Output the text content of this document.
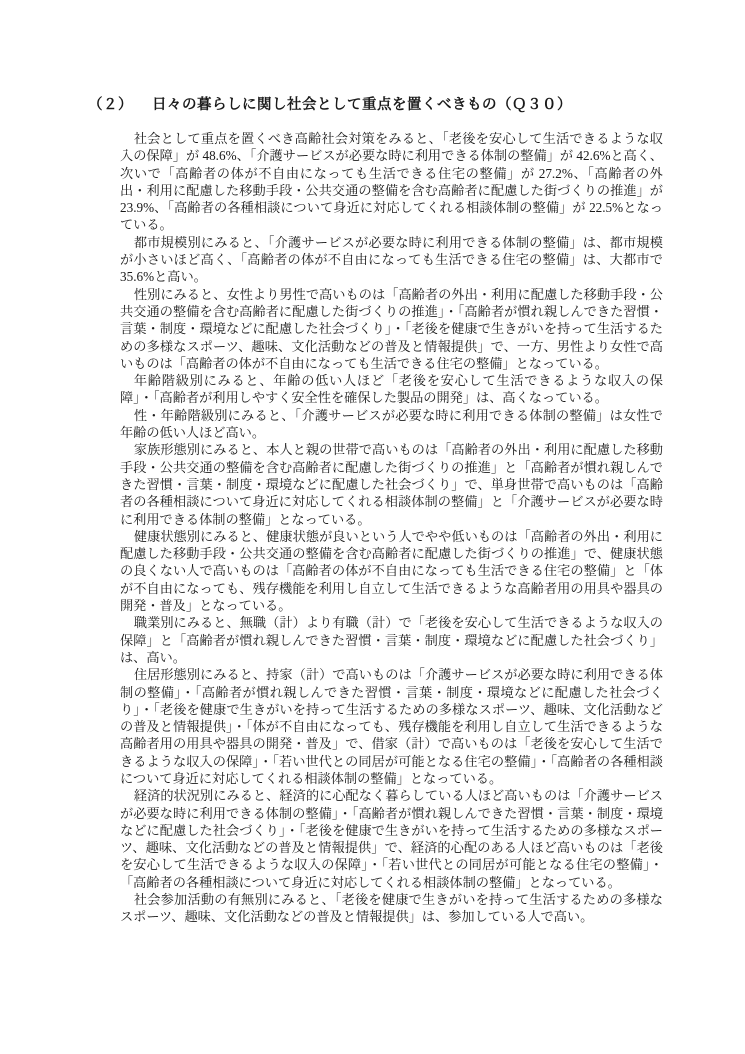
（２） 日々の暮らしに関し社会として重点を置くべきもの（Ｑ３０）

社会として重点を置くべき高齢社会対策をみると、「老後を安心して生活できるような収入の保障」が 48.6%、「介護サービスが必要な時に利用できる体制の整備」が 42.6%と高く、次いで「高齢者の体が不自由になっても生活できる住宅の整備」が 27.2%、「高齢者の外出・利用に配慮した移動手段・公共交通の整備を含む高齢者に配慮した街づくりの推進」が 23.9%、「高齢者の各種相談について身近に対応してくれる相談体制の整備」が 22.5%となっている。

都市規模別にみると、「介護サービスが必要な時に利用できる体制の整備」は、都市規模が小さいほど高く、「高齢者の体が不自由になっても生活できる住宅の整備」は、大都市で 35.6%と高い。

性別にみると、女性より男性で高いものは「高齢者の外出・利用に配慮した移動手段・公共交通の整備を含む高齢者に配慮した街づくりの推進」・「高齢者が慣れ親しんできた習慣・言葉・制度・環境などに配慮した社会づくり」・「老後を健康で生きがいを持って生活するための多様なスポーツ、趣味、文化活動などの普及と情報提供」で、一方、男性より女性で高いものは「高齢者の体が不自由になっても生活できる住宅の整備」となっている。

年齢階級別にみると、年齢の低い人ほど「老後を安心して生活できるような収入の保障」・「高齢者が利用しやすく安全性を確保した製品の開発」は、高くなっている。

性・年齢階級別にみると、「介護サービスが必要な時に利用できる体制の整備」は女性で年齢の低い人ほど高い。

家族形態別にみると、本人と親の世帯で高いものは「高齢者の外出・利用に配慮した移動手段・公共交通の整備を含む高齢者に配慮した街づくりの推進」と「高齢者が慣れ親しんできた習慣・言葉・制度・環境などに配慮した社会づくり」で、単身世帯で高いものは「高齢者の各種相談について身近に対応してくれる相談体制の整備」と「介護サービスが必要な時に利用できる体制の整備」となっている。

健康状態別にみると、健康状態が良いという人でやや低いものは「高齢者の外出・利用に配慮した移動手段・公共交通の整備を含む高齢者に配慮した街づくりの推進」で、健康状態の良くない人で高いものは「高齢者の体が不自由になっても生活できる住宅の整備」と「体が不自由になっても、残存機能を利用し自立して生活できるような高齢者用の用具や器具の開発・普及」となっている。

職業別にみると、無職（計）より有職（計）で「老後を安心して生活できるような収入の保障」と「高齢者が慣れ親しんできた習慣・言葉・制度・環境などに配慮した社会づくり」は、高い。

住居形態別にみると、持家（計）で高いものは「介護サービスが必要な時に利用できる体制の整備」・「高齢者が慣れ親しんできた習慣・言葉・制度・環境などに配慮した社会づくり」・「老後を健康で生きがいを持って生活するための多様なスポーツ、趣味、文化活動などの普及と情報提供」・「体が不自由になっても、残存機能を利用し自立して生活できるような高齢者用の用具や器具の開発・普及」で、借家（計）で高いものは「老後を安心して生活できるような収入の保障」・「若い世代との同居が可能となる住宅の整備」・「高齢者の各種相談について身近に対応してくれる相談体制の整備」となっている。

経済的状況別にみると、経済的に心配なく暮らしている人ほど高いものは「介護サービスが必要な時に利用できる体制の整備」・「高齢者が慣れ親しんできた習慣・言葉・制度・環境などに配慮した社会づくり」・「老後を健康で生きがいを持って生活するための多様なスポーツ、趣味、文化活動などの普及と情報提供」で、経済的心配のある人ほど高いものは「老後を安心して生活できるような収入の保障」・「若い世代との同居が可能となる住宅の整備」・「高齢者の各種相談について身近に対応してくれる相談体制の整備」となっている。

社会参加活動の有無別にみると、「老後を健康で生きがいを持って生活するための多様なスポーツ、趣味、文化活動などの普及と情報提供」は、参加している人で高い。
